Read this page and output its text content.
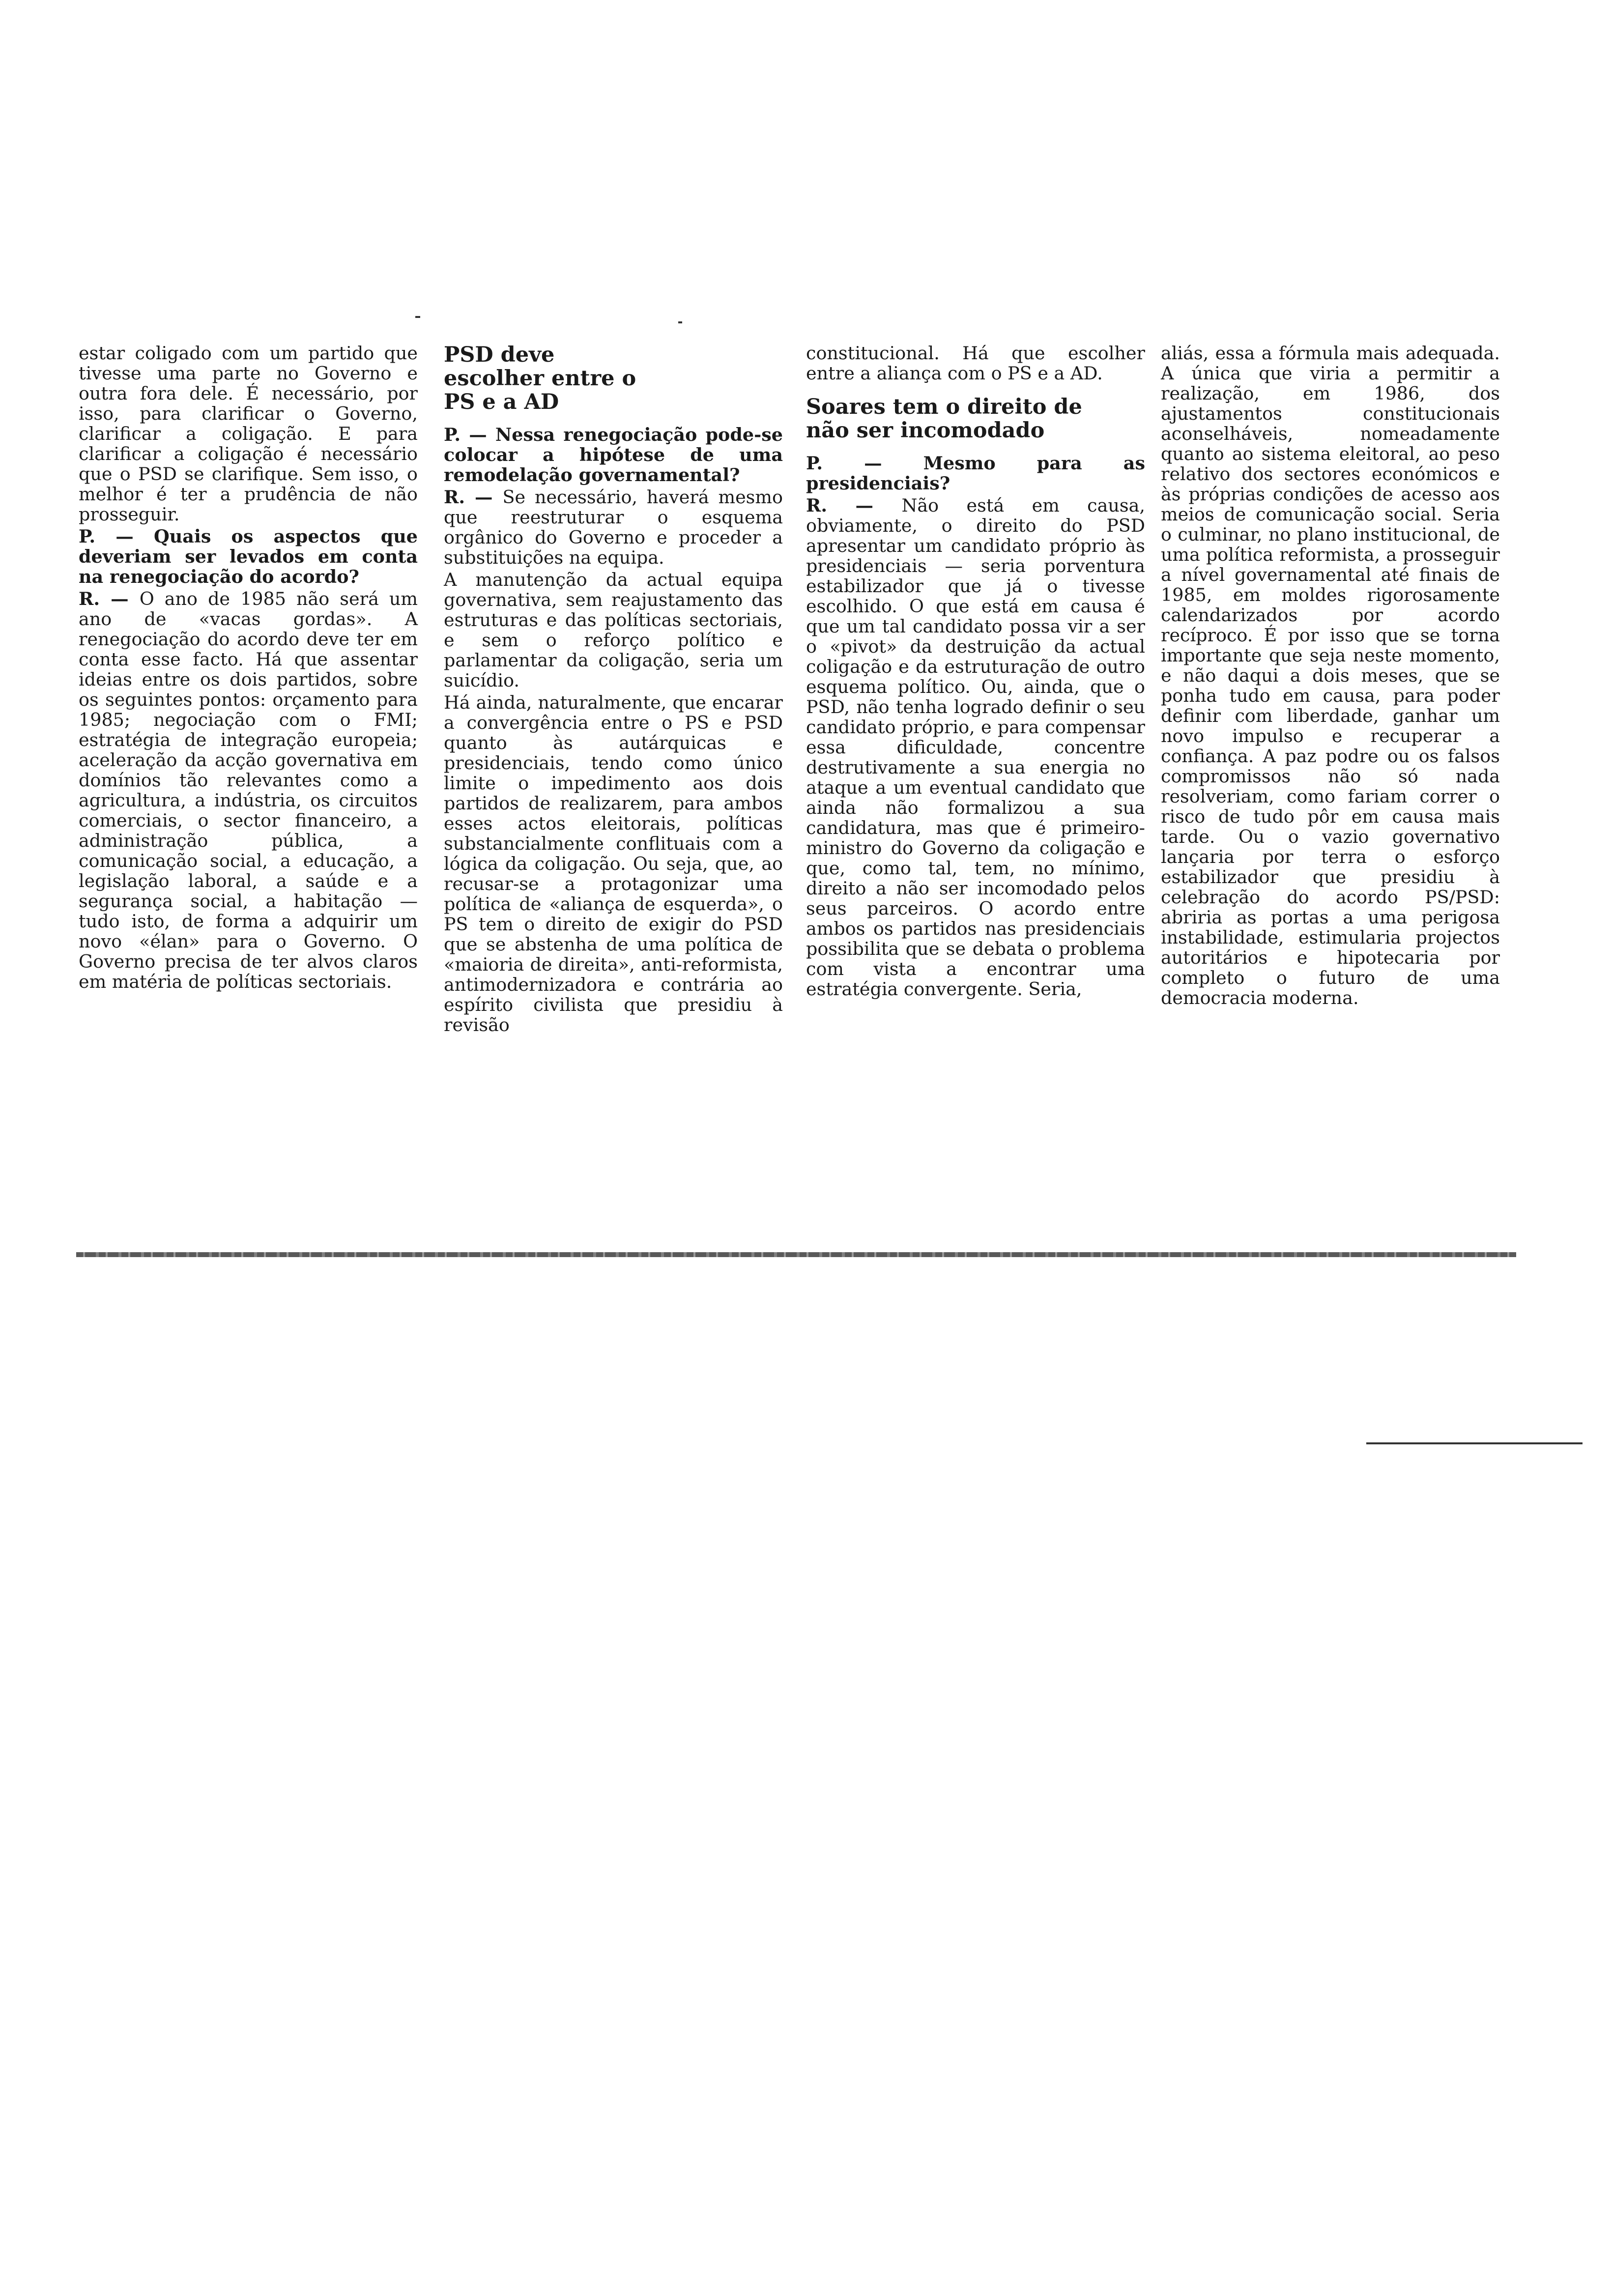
estar coligado com um partido que tivesse uma parte no Governo e outra fora dele. É necessário, por isso, para clarificar o Governo, clarificar a coligação. E para clarificar a coligação é necessário que o PSD se clarifique. Sem isso, o melhor é ter a prudência de não prosseguir.

P. — Quais os aspectos que deveriam ser levados em conta na renegociação do acordo?

R. — O ano de 1985 não será um ano de «vacas gordas». A renegociação do acordo deve ter em conta esse facto. Há que assentar ideias entre os dois partidos, sobre os seguintes pontos: orçamento para 1985; negociação com o FMI; estratégia de integração europeia; aceleração da acção governativa em domínios tão relevantes como a agricultura, a indústria, os circuitos comerciais, o sector financeiro, a administração pública, a comunicação social, a educação, a legislação laboral, a saúde e a segurança social, a habitação — tudo isto, de forma a adquirir um novo «élan» para o Governo. O Governo precisa de ter alvos claros em matéria de políticas sectoriais.

PSD deve escolher entre o PS e a AD

P. — Nessa renegociação pode-se colocar a hipótese de uma remodelação governamental?

R. — Se necessário, haverá mesmo que reestruturar o esquema orgânico do Governo e proceder a substituições na equipa.

A manutenção da actual equipa governativa, sem reajustamento das estruturas e das políticas sectoriais, e sem o reforço político e parlamentar da coligação, seria um suicídio.

Há ainda, naturalmente, que encarar a convergência entre o PS e PSD quanto às autárquicas e presidenciais, tendo como único limite o impedimento aos dois partidos de realizarem, para ambos esses actos eleitorais, políticas substancialmente conflituais com a lógica da coligação. Ou seja, que, ao recusar-se a protagonizar uma política de «aliança de esquerda», o PS tem o direito de exigir do PSD que se abstenha de uma política de «maioria de direita», anti-reformista, antimodernizadora e contrária ao espírito civilista que presidiu à revisão

constitucional. Há que escolher entre a aliança com o PS e a AD.

Soares tem o direito de não ser incomodado

P. — Mesmo para as presidenciais?

R. — Não está em causa, obviamente, o direito do PSD apresentar um candidato próprio às presidenciais — seria porventura estabilizador que já o tivesse escolhido. O que está em causa é que um tal candidato possa vir a ser o «pivot» da destruição da actual coligação e da estruturação de outro esquema político. Ou, ainda, que o PSD, não tenha logrado definir o seu candidato próprio, e para compensar essa dificuldade, concentre destrutivamente a sua energia no ataque a um eventual candidato que ainda não formalizou a sua candidatura, mas que é primeiro-ministro do Governo da coligação e que, como tal, tem, no mínimo, direito a não ser incomodado pelos seus parceiros. O acordo entre ambos os partidos nas presidenciais possibilita que se debata o problema com vista a encontrar uma estratégia convergente. Seria,

aliás, essa a fórmula mais adequada. A única que viria a permitir a realização, em 1986, dos ajustamentos constitucionais aconselháveis, nomeadamente quanto ao sistema eleitoral, ao peso relativo dos sectores económicos e às próprias condições de acesso aos meios de comunicação social. Seria o culminar, no plano institucional, de uma política reformista, a prosseguir a nível governamental até finais de 1985, em moldes rigorosamente calendarizados por acordo recíproco. É por isso que se torna importante que seja neste momento, e não daqui a dois meses, que se ponha tudo em causa, para poder definir com liberdade, ganhar um novo impulso e recuperar a confiança. A paz podre ou os falsos compromissos não só nada resolveriam, como fariam correr o risco de tudo pôr em causa mais tarde. Ou o vazio governativo lançaria por terra o esforço estabilizador que presidiu à celebração do acordo PS/PSD: abriria as portas a uma perigosa instabilidade, estimularia projectos autoritários e hipotecaria por completo o futuro de uma democracia moderna.
